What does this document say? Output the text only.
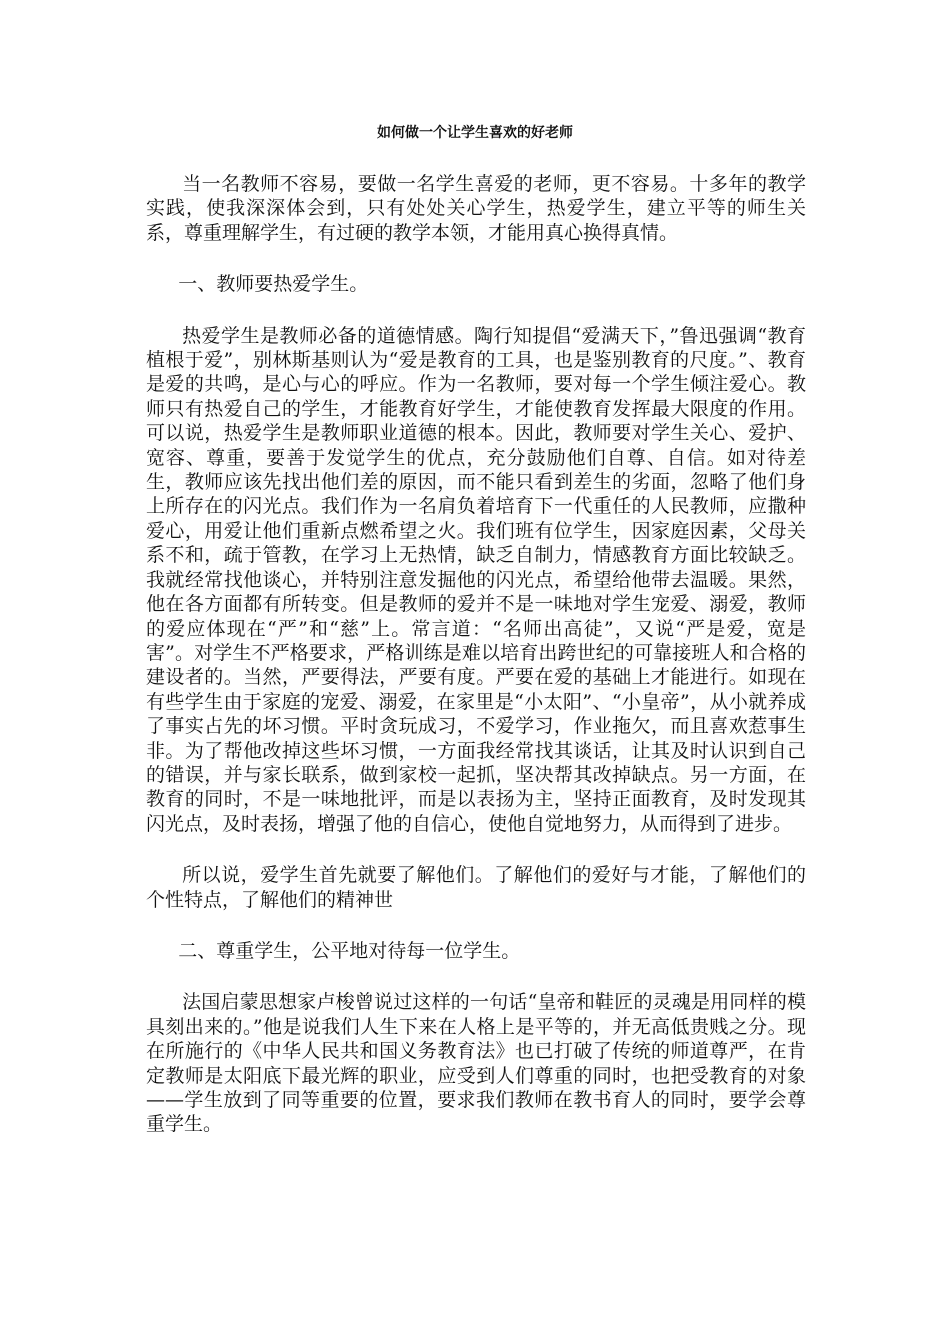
如何做一个让学生喜欢的好老师

当一名教师不容易，要做一名学生喜爱的老师，更不容易。十多年的教学实践，使我深深体会到，只有处处关心学生，热爱学生，建立平等的师生关系，尊重理解学生，有过硬的教学本领，才能用真心换得真情。

一、教师要热爱学生。

热爱学生是教师必备的道德情感。陶行知提倡“爱满天下，”鲁迅强调“教育植根于爱”，别林斯基则认为“爱是教育的工具，也是鉴别教育的尺度。”、教育是爱的共鸣，是心与心的呼应。作为一名教师，要对每一个学生倾注爱心。教师只有热爱自己的学生，才能教育好学生，才能使教育发挥最大限度的作用。可以说，热爱学生是教师职业道德的根本。因此，教师要对学生关心、爱护、宽容、尊重，要善于发觉学生的优点，充分鼓励他们自尊、自信。如对待差生，教师应该先找出他们差的原因，而不能只看到差生的劣面，忽略了他们身上所存在的闪光点。我们作为一名肩负着培育下一代重任的人民教师，应撒种爱心，用爱让他们重新点燃希望之火。我们班有位学生，因家庭因素，父母关系不和，疏于管教，在学习上无热情，缺乏自制力，情感教育方面比较缺乏。我就经常找他谈心，并特别注意发掘他的闪光点，希望给他带去温暖。果然，他在各方面都有所转变。但是教师的爱并不是一味地对学生宠爱、溺爱，教师的爱应体现在“严”和“慈”上。常言道：“名师出高徒”，又说“严是爱，宽是害”。对学生不严格要求，严格训练是难以培育出跨世纪的可靠接班人和合格的建设者的。当然，严要得法，严要有度。严要在爱的基础上才能进行。如现在有些学生由于家庭的宠爱、溺爱，在家里是“小太阳”、“小皇帝”，从小就养成了事实占先的坏习惯。平时贪玩成习，不爱学习，作业拖欠，而且喜欢惹事生非。为了帮他改掉这些坏习惯，一方面我经常找其谈话，让其及时认识到自己的错误，并与家长联系，做到家校一起抓，坚决帮其改掉缺点。另一方面，在教育的同时，不是一味地批评，而是以表扬为主，坚持正面教育，及时发现其闪光点，及时表扬，增强了他的自信心，使他自觉地努力，从而得到了进步。

所以说，爱学生首先就要了解他们。了解他们的爱好与才能，了解他们的个性特点，了解他们的精神世

二、尊重学生，公平地对待每一位学生。

法国启蒙思想家卢梭曾说过这样的一句话“皇帝和鞋匠的灵魂是用同样的模具刻出来的。”他是说我们人生下来在人格上是平等的，并无高低贵贱之分。现在所施行的《中华人民共和国义务教育法》也已打破了传统的师道尊严，在肯定教师是太阳底下最光辉的职业，应受到人们尊重的同时，也把受教育的对象——学生放到了同等重要的位置，要求我们教师在教书育人的同时，要学会尊重学生。
